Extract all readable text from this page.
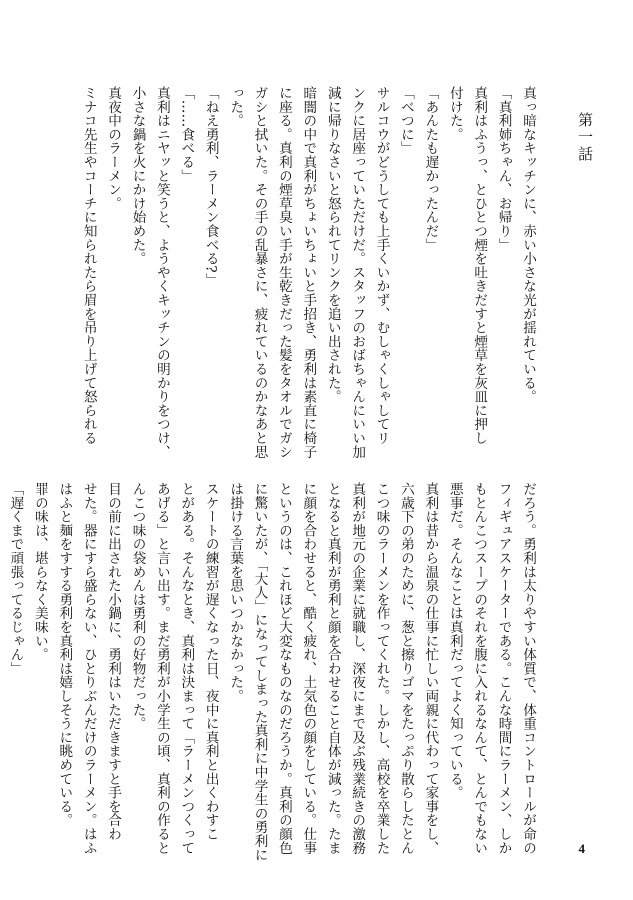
第一話
真っ暗なキッチンに、赤い小さな光が揺れている。
「真利姉ちゃん、お帰り」
真利はふうっ、とひとつ煙を吐きだすと煙草を灰皿に押し
付けた。
「あんたも遅かったんだ」
「べつに」
サルコウがどうしても上手くいかず、むしゃくしゃしてリ
ンクに居座っていただけだ。スタッフのおばちゃんにいい加
減に帰りなさいと怒られてリンクを追い出された。
暗闇の中で真利がちょいちょいと手招き、勇利は素直に椅子
に座る。真利の煙草臭い手が生乾きだった髪をタオルでガシ
ガシと拭いた。その手の乱暴さに、疲れているのかなあと思
った。
「ねえ勇利、ラーメン食べる?」
「……食べる」
真利はニヤッと笑うと、ようやくキッチンの明かりをつけ、
小さな鍋を火にかけ始めた。
真夜中のラーメン。
ミナコ先生やコーチに知られたら眉を吊り上げて怒られる
だろう。勇利は太りやすい体質で、体重コントロールが命の
フィギュアスケーターである。こんな時間にラーメン、しか
もとんこつスープのそれを腹に入れるなんて、とんでもない
悪事だ。そんなことは真利だってよく知っている。
真利は昔から温泉の仕事に忙しい両親に代わって家事をし、
六歳下の弟のために、葱と擦りゴマをたっぷり散らしたとん
こつ味のラーメンを作ってくれた。しかし、高校を卒業した
真利が地元の企業に就職し、深夜にまで及ぶ残業続きの激務
となると真利が勇利と顔を合わせること自体が減った。たま
に顔を合わせると、酷く疲れ、土気色の顔をしている。仕事
というのは、これほど大変なものなのだろうか。真利の顔色
に驚いたが、「大人」になってしまった真利に中学生の勇利に
は掛ける言葉を思いつかなかった。
スケートの練習が遅くなった日、夜中に真利と出くわすこ
とがある。そんなとき、真利は決まって「ラーメンつくって
あげる」と言い出す。まだ勇利が小学生の頃、真利の作ると
んこつ味の袋めんは勇利の好物だった。
目の前に出された小鍋に、勇利はいただきますと手を合わ
せた。器にすら盛らない、ひとりぶんだけのラーメン。はふ
はふと麺をすする勇利を真利は嬉しそうに眺めている。
罪の味は、堪らなく美味い。
「遅くまで頑張ってるじゃん」

4
